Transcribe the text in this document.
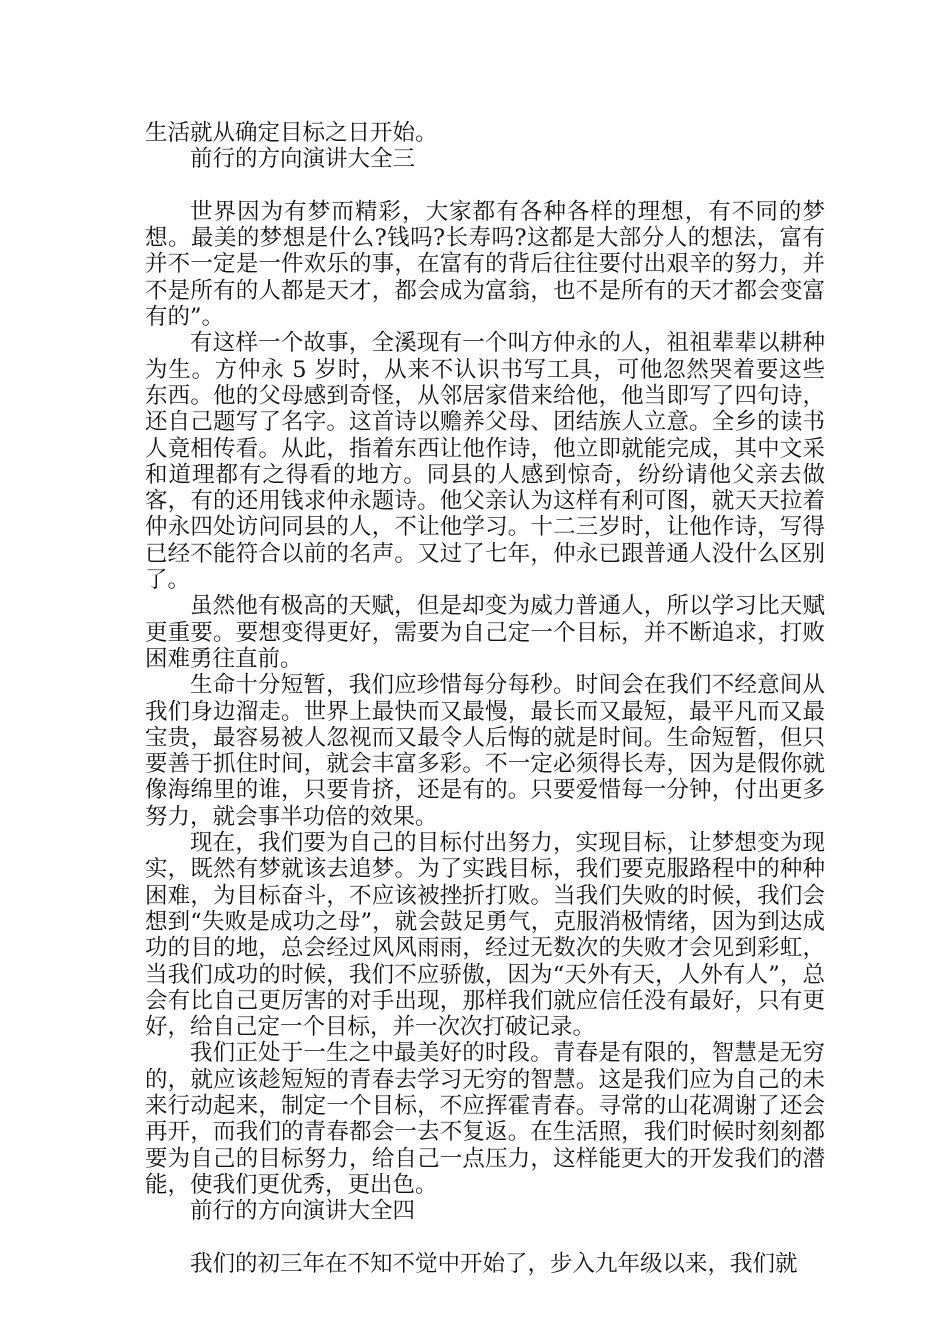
生活就从确定目标之日开始。

前行的方向演讲大全三

世界因为有梦而精彩，大家都有各种各样的理想，有不同的梦想。最美的梦想是什么?钱吗?长寿吗?这都是大部分人的想法，富有并不一定是一件欢乐的事，在富有的背后往往要付出艰辛的努力，并不是所有的人都是天才，都会成为富翁，也不是所有的天才都会变富有的”。

有这样一个故事，全溪现有一个叫方仲永的人，祖祖辈辈以耕种为生。方仲永 5 岁时，从来不认识书写工具，可他忽然哭着要这些东西。他的父母感到奇怪，从邻居家借来给他，他当即写了四句诗，还自己题写了名字。这首诗以赡养父母、团结族人立意。全乡的读书人竟相传看。从此，指着东西让他作诗，他立即就能完成，其中文采和道理都有之得看的地方。同县的人感到惊奇，纷纷请他父亲去做客，有的还用钱求仲永题诗。他父亲认为这样有利可图，就天天拉着仲永四处访问同县的人，不让他学习。十二三岁时，让他作诗，写得已经不能符合以前的名声。又过了七年，仲永已跟普通人没什么区别了。

虽然他有极高的天赋，但是却变为威力普通人，所以学习比天赋更重要。要想变得更好，需要为自己定一个目标，并不断追求，打败困难勇往直前。

生命十分短暂，我们应珍惜每分每秒。时间会在我们不经意间从我们身边溜走。世界上最快而又最慢，最长而又最短，最平凡而又最宝贵，最容易被人忽视而又最令人后悔的就是时间。生命短暂，但只要善于抓住时间，就会丰富多彩。不一定必须得长寿，因为是假你就像海绵里的谁，只要肯挤，还是有的。只要爱惜每一分钟，付出更多努力，就会事半功倍的效果。

现在，我们要为自己的目标付出努力，实现目标，让梦想变为现实，既然有梦就该去追梦。为了实践目标，我们要克服路程中的种种困难，为目标奋斗，不应该被挫折打败。当我们失败的时候，我们会想到“失败是成功之母”，就会鼓足勇气，克服消极情绪，因为到达成功的目的地，总会经过风风雨雨，经过无数次的失败才会见到彩虹，当我们成功的时候，我们不应骄傲，因为“天外有天，人外有人”，总会有比自己更厉害的对手出现，那样我们就应信任没有最好，只有更好，给自己定一个目标，并一次次打破记录。

我们正处于一生之中最美好的时段。青春是有限的，智慧是无穷的，就应该趁短短的青春去学习无穷的智慧。这是我们应为自己的未来行动起来，制定一个目标，不应挥霍青春。寻常的山花凋谢了还会再开，而我们的青春都会一去不复返。在生活照，我们时候时刻刻都要为自己的目标努力，给自己一点压力，这样能更大的开发我们的潜能，使我们更优秀，更出色。

前行的方向演讲大全四

我们的初三年在不知不觉中开始了，步入九年级以来，我们就
